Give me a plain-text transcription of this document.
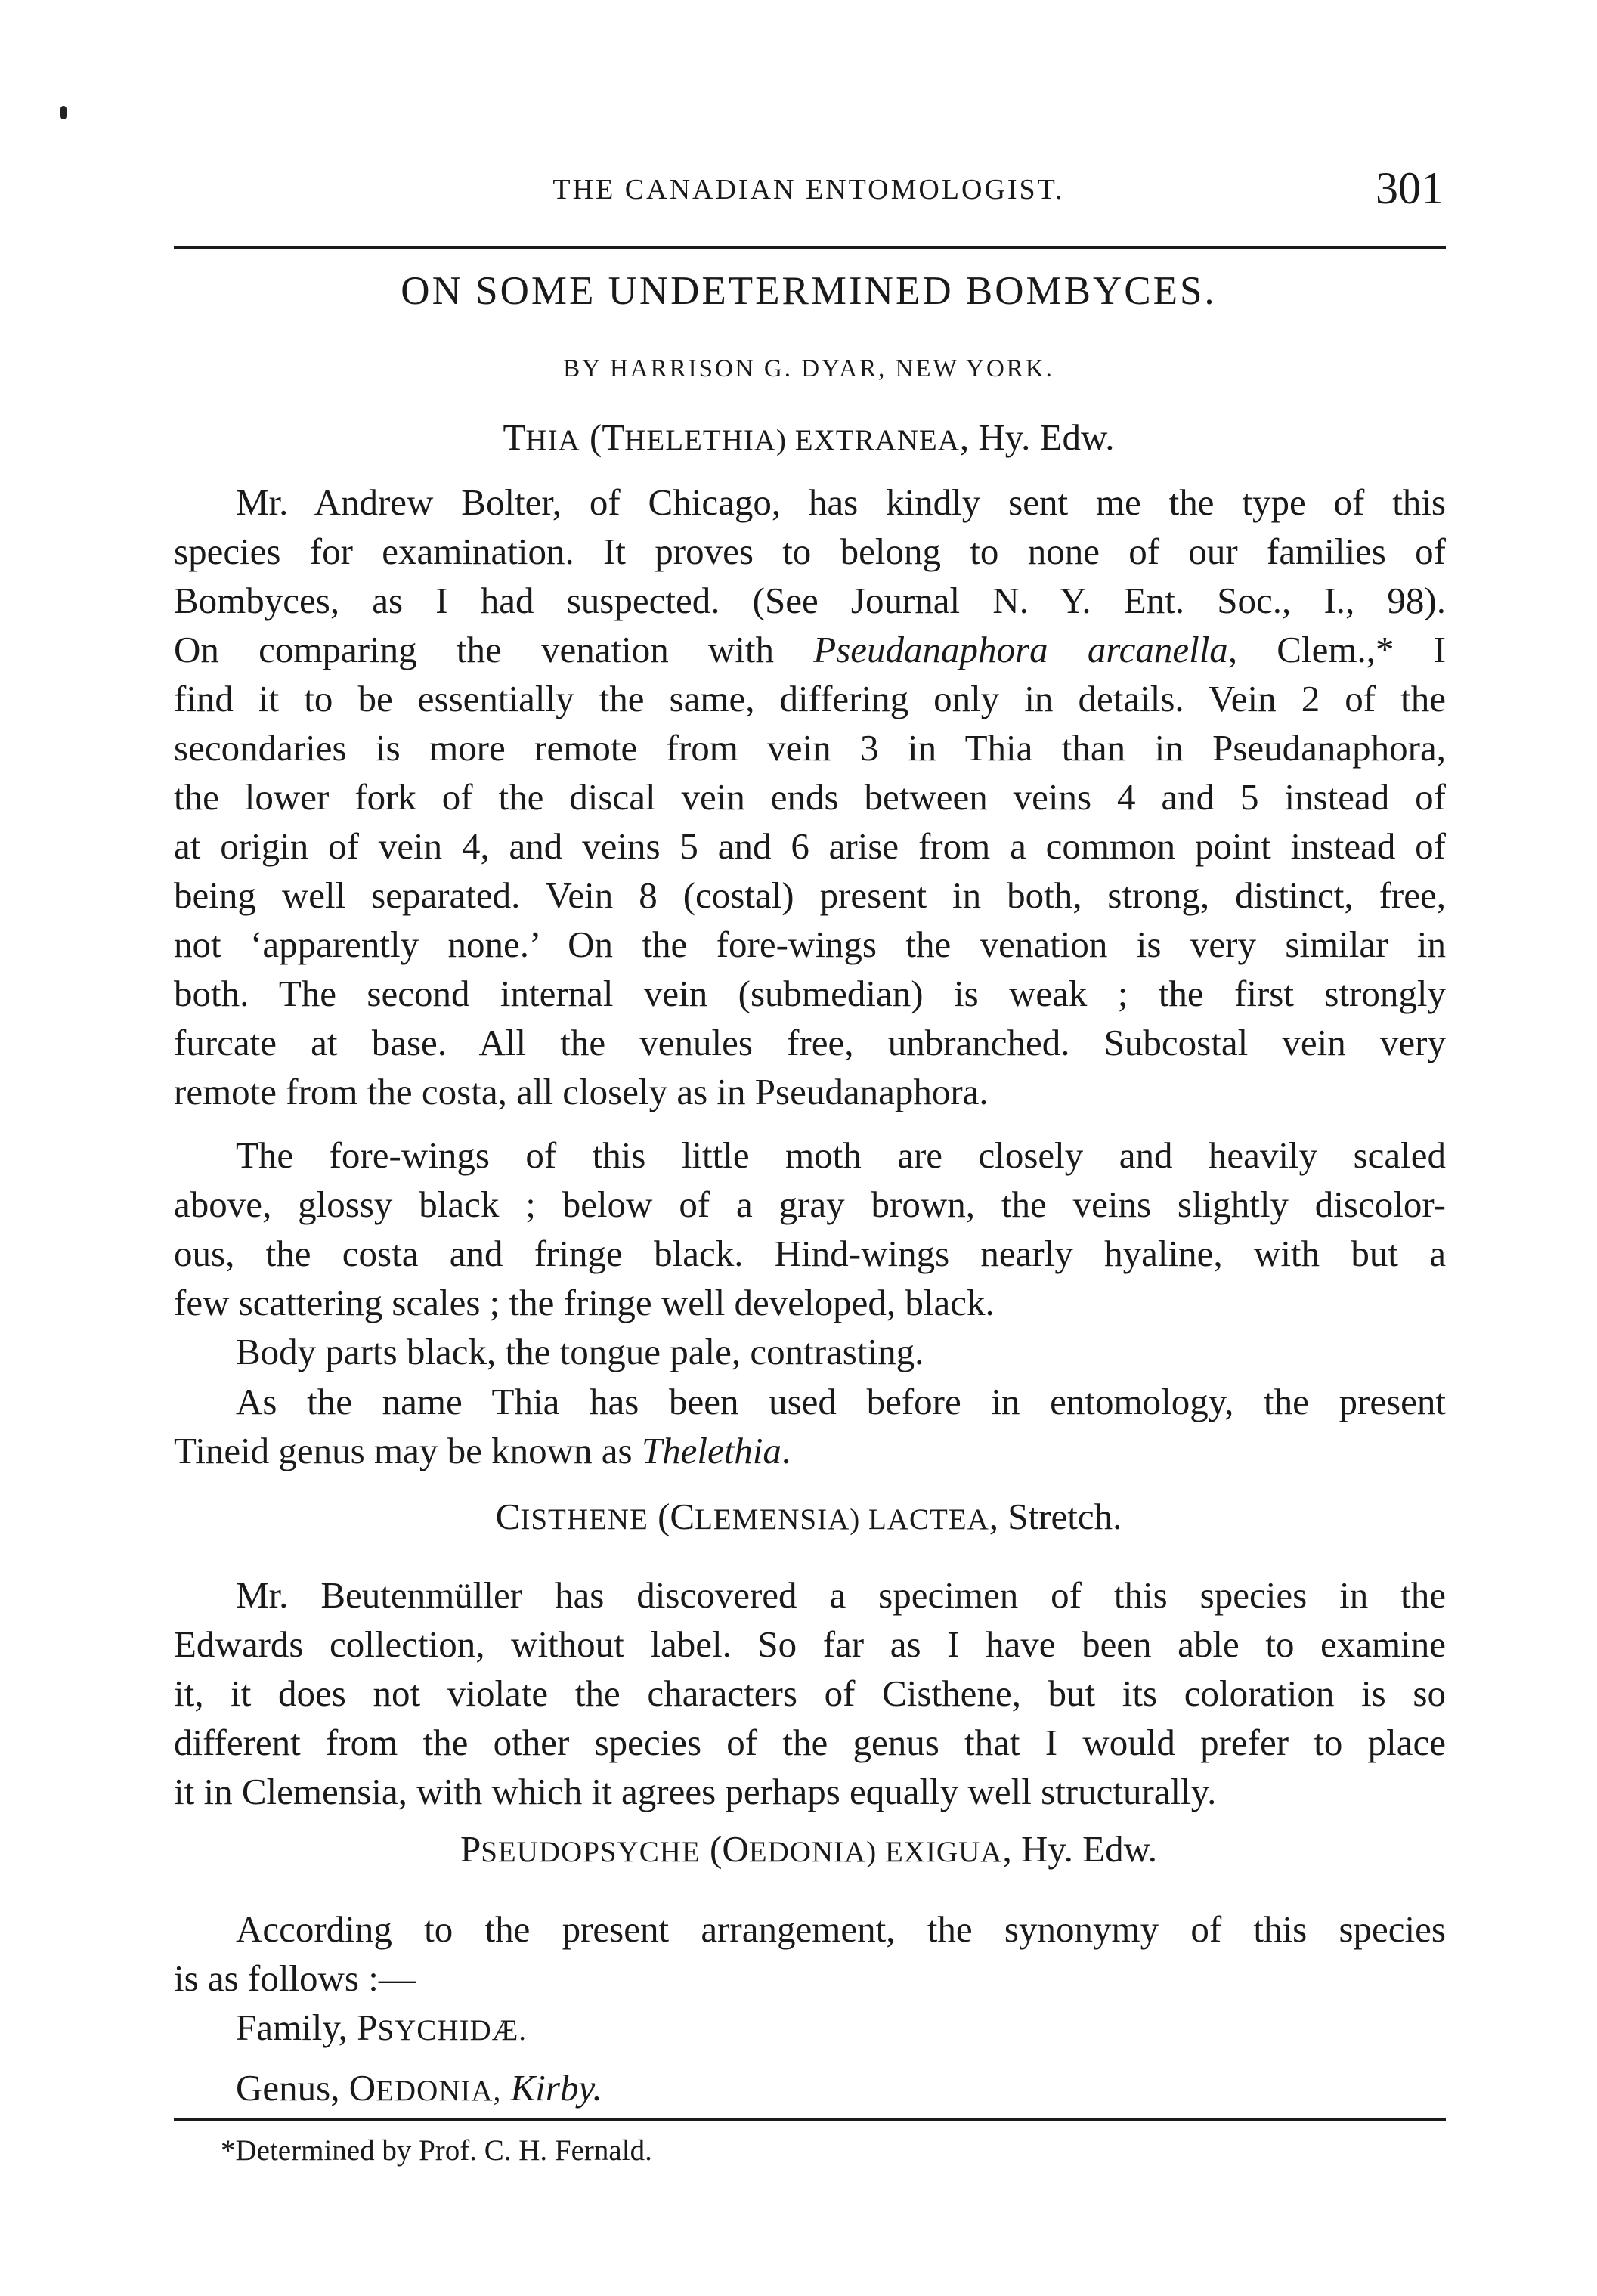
THE CANADIAN ENTOMOLOGIST.	301
ON SOME UNDETERMINED BOMBYCES.
BY HARRISON G. DYAR, NEW YORK.
THIA (THELETHIA) EXTRANEA, Hy. Edw.
Mr. Andrew Bolter, of Chicago, has kindly sent me the type of this
species for examination. It proves to belong to none of our families of
Bombyces, as I had suspected. (See Journal N. Y. Ent. Soc., I., 98).
On comparing the venation with Pseudanaphora arcanella, Clem.,* I
find it to be essentially the same, differing only in details. Vein 2 of the
secondaries is more remote from vein 3 in Thia than in Pseudanaphora,
the lower fork of the discal vein ends between veins 4 and 5 instead of
at origin of vein 4, and veins 5 and 6 arise from a common point instead of
being well separated. Vein 8 (costal) present in both, strong, distinct, free,
not ‘apparently none.’ On the fore-wings the venation is very similar in
both. The second internal vein (submedian) is weak ; the first strongly
furcate at base. All the venules free, unbranched. Subcostal vein very
remote from the costa, all closely as in Pseudanaphora.
The fore-wings of this little moth are closely and heavily scaled
above, glossy black ; below of a gray brown, the veins slightly discolor-
ous, the costa and fringe black. Hind-wings nearly hyaline, with but a
few scattering scales ; the fringe well developed, black.
Body parts black, the tongue pale, contrasting.
As the name Thia has been used before in entomology, the present
Tineid genus may be known as Thelethia.
CISTHENE (CLEMENSIA) LACTEA, Stretch.
Mr. Beutenmüller has discovered a specimen of this species in the
Edwards collection, without label. So far as I have been able to examine
it, it does not violate the characters of Cisthene, but its coloration is so
different from the other species of the genus that I would prefer to place
it in Clemensia, with which it agrees perhaps equally well structurally.
PSEUDOPSYCHE (OEDONIA) EXIGUA, Hy. Edw.
According to the present arrangement, the synonymy of this species
is as follows :—
Family, PSYCHIDÆ.
Genus, OEDONIA, Kirby.
*Determined by Prof. C. H. Fernald.
